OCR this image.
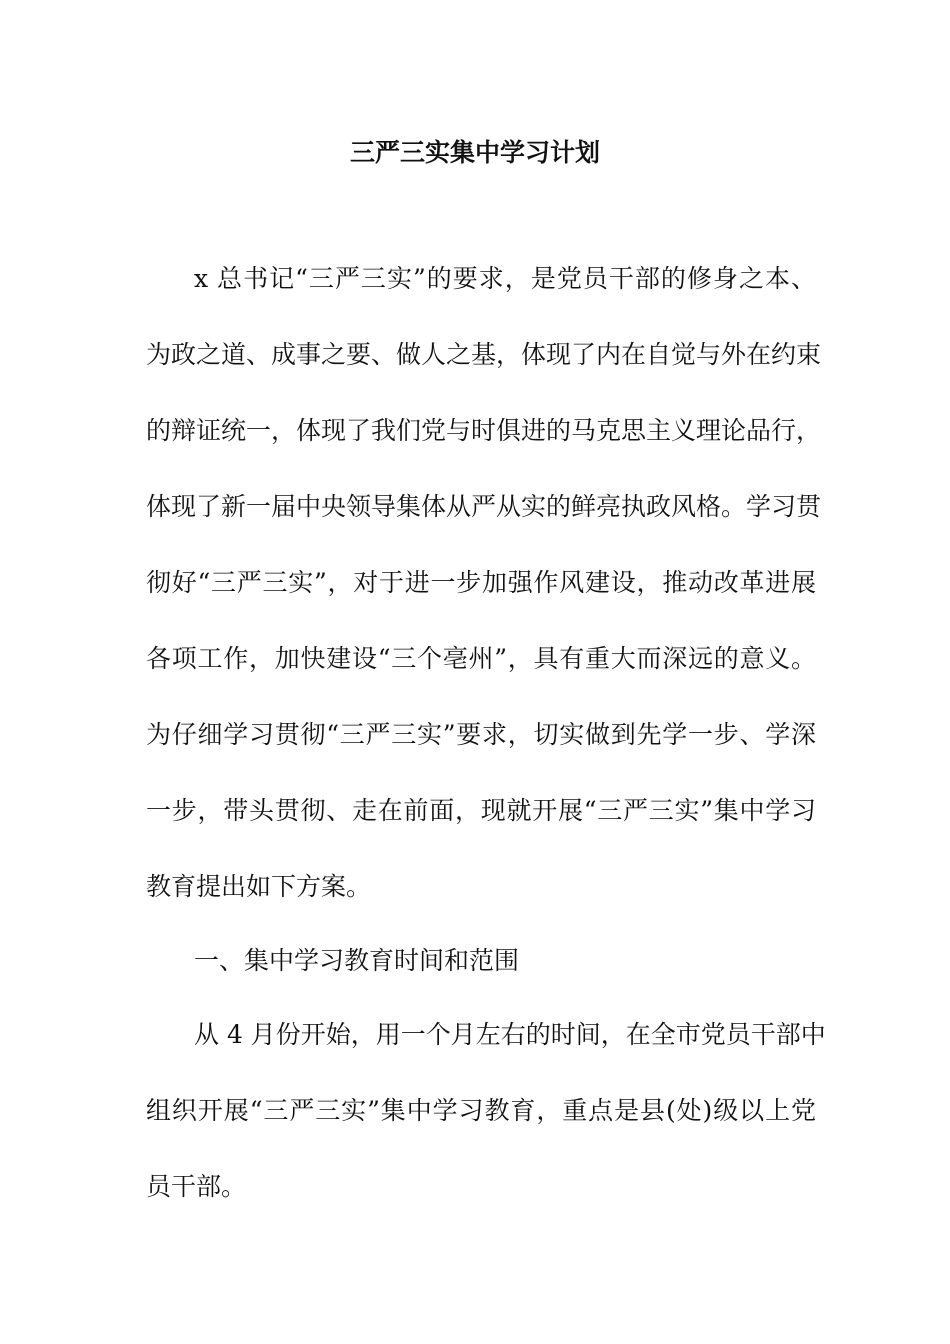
三严三实集中学习计划
x 总书记“三严三实”的要求，是党员干部的修身之本、
为政之道、成事之要、做人之基，体现了内在自觉与外在约束
的辩证统一，体现了我们党与时俱进的马克思主义理论品行，
体现了新一届中央领导集体从严从实的鲜亮执政风格。学习贯
彻好“三严三实”，对于进一步加强作风建设，推动改革进展
各项工作，加快建设“三个亳州”，具有重大而深远的意义。
为仔细学习贯彻“三严三实”要求，切实做到先学一步、学深
一步，带头贯彻、走在前面，现就开展“三严三实”集中学习
教育提出如下方案。
一、集中学习教育时间和范围
从 4 月份开始，用一个月左右的时间，在全市党员干部中
组织开展“三严三实”集中学习教育，重点是县(处)级以上党
员干部。
